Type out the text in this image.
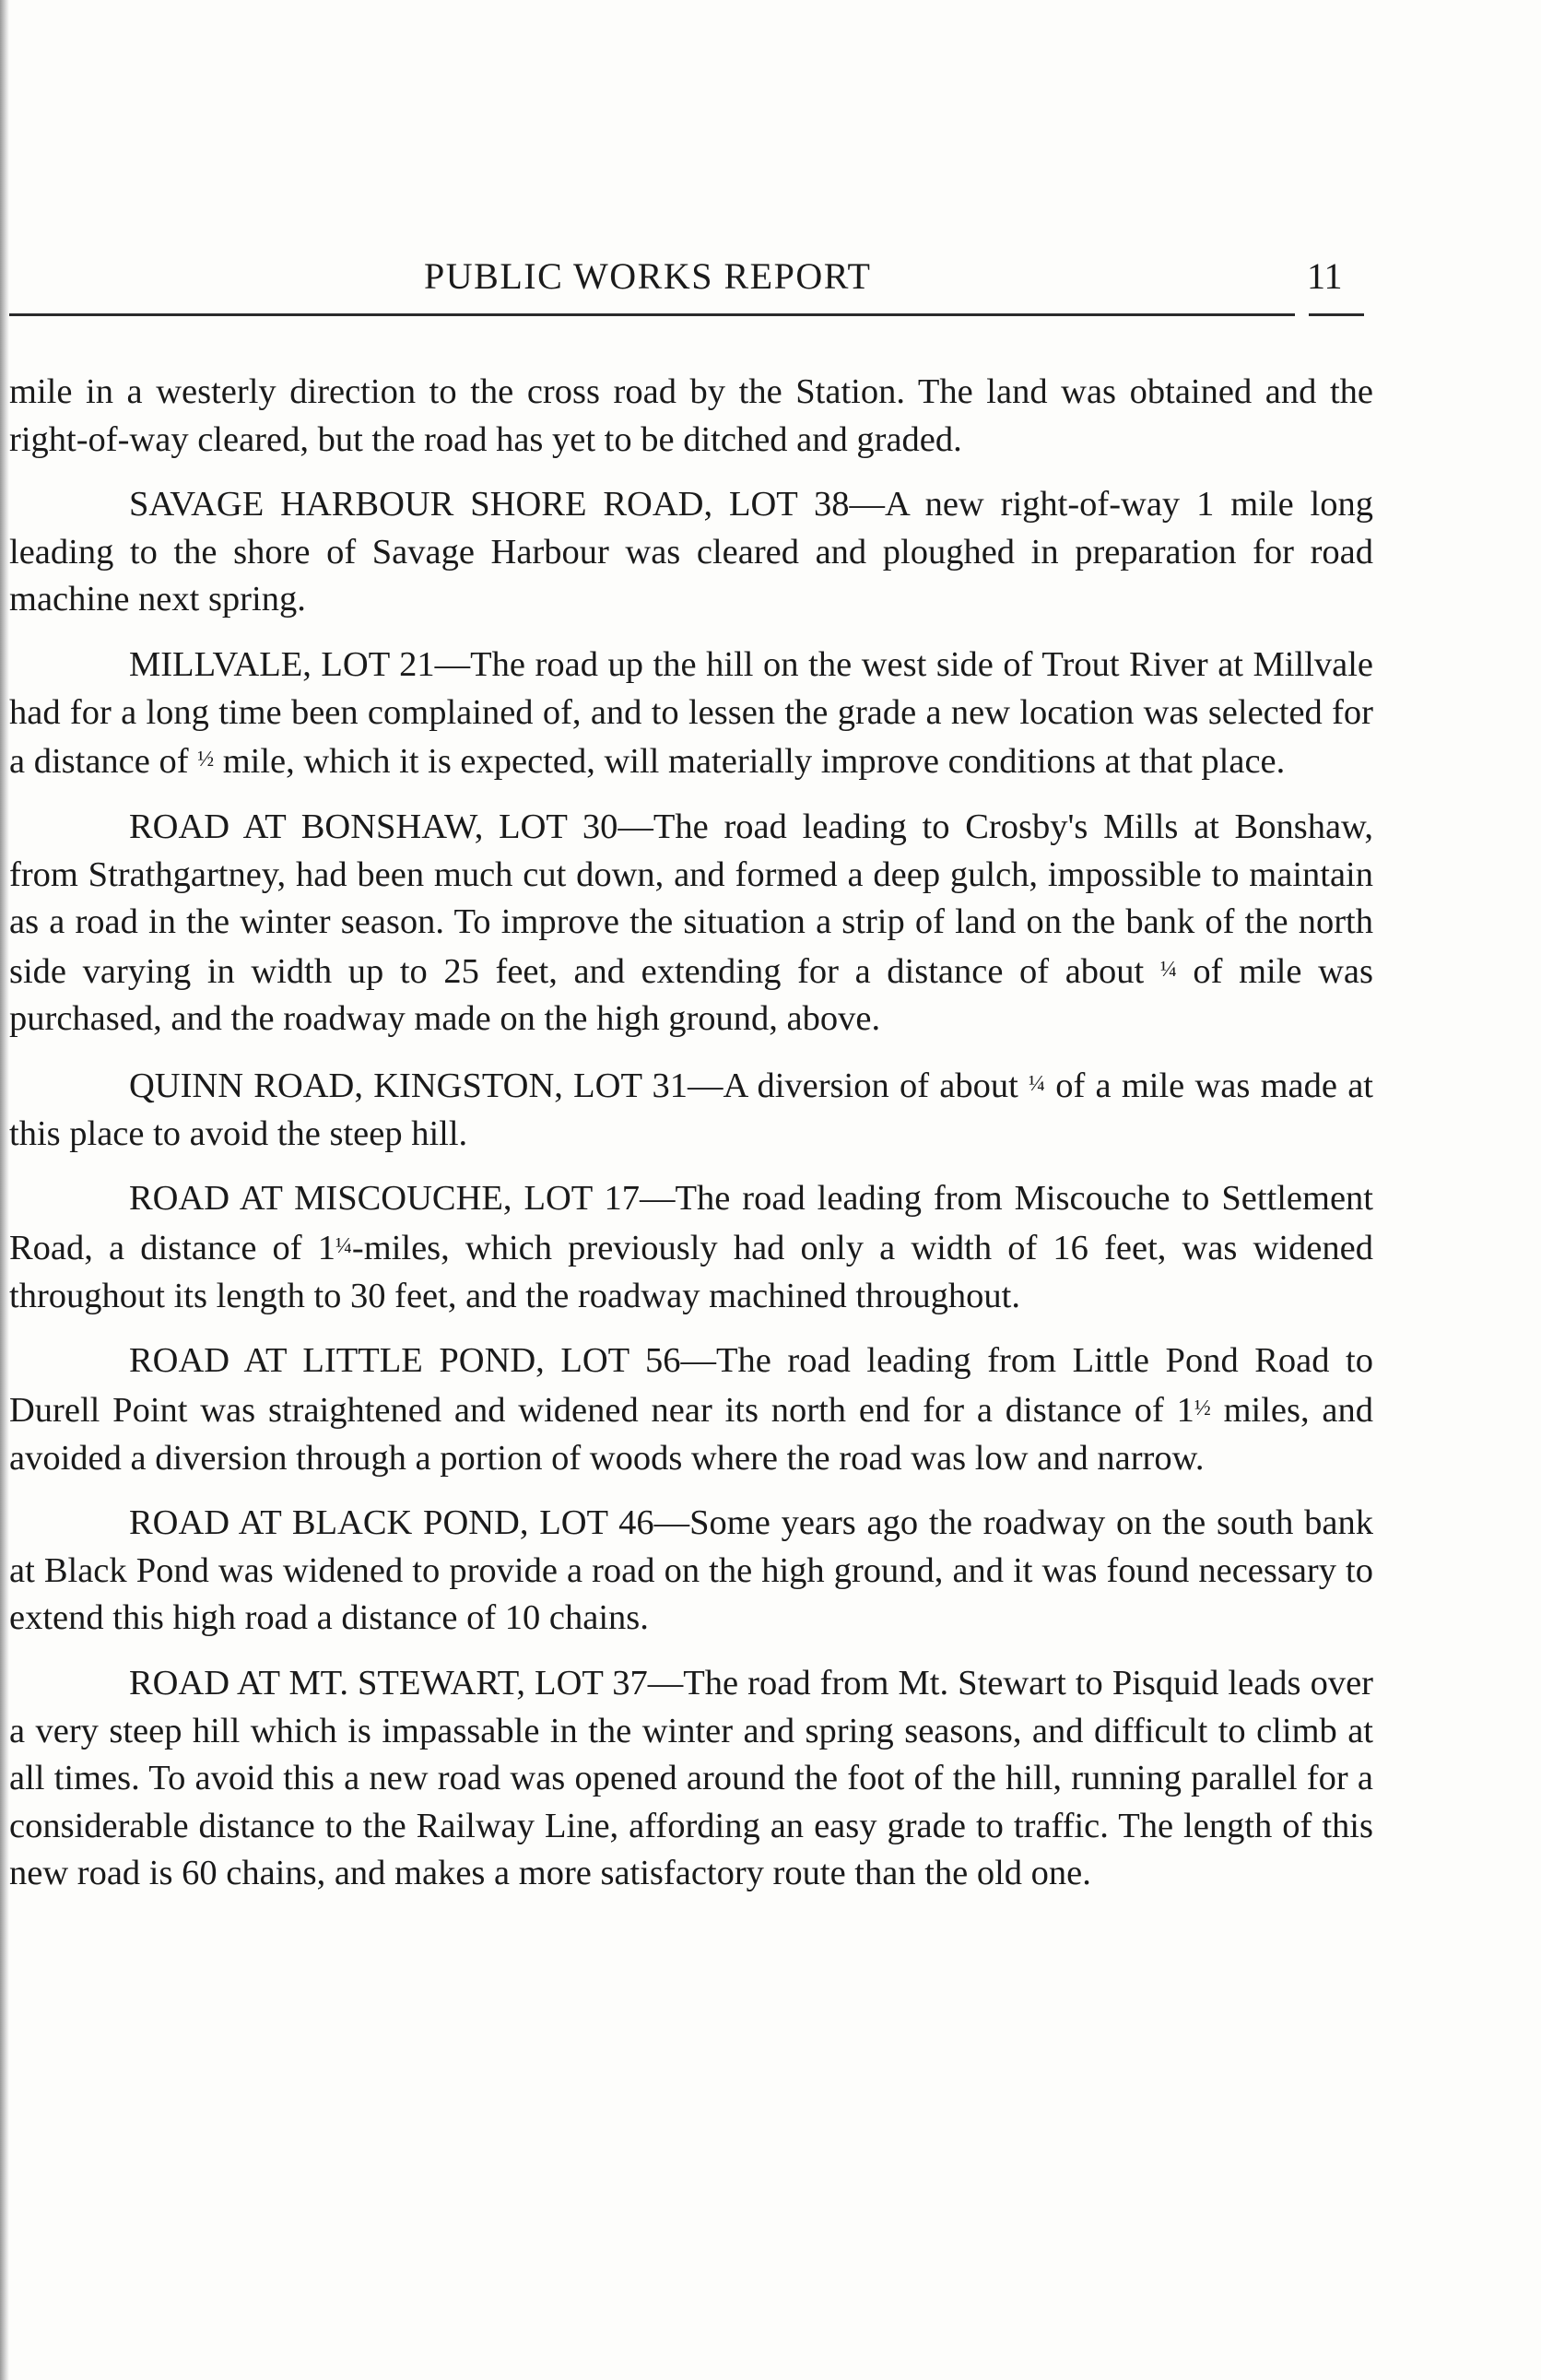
PUBLIC WORKS REPORT	11

mile in a westerly direction to the cross road by the Station. The land was obtained and the right-of-way cleared, but the road has yet to be ditched and graded.

SAVAGE HARBOUR SHORE ROAD, LOT 38—A new right-of-way 1 mile long leading to the shore of Savage Harbour was cleared and ploughed in preparation for road machine next spring.

MILLVALE, LOT 21—The road up the hill on the west side of Trout River at Millvale had for a long time been complained of, and to lessen the grade a new location was selected for a distance of ½ mile, which it is expected, will materially improve conditions at that place.

ROAD AT BONSHAW, LOT 30—The road leading to Crosby's Mills at Bonshaw, from Strathgartney, had been much cut down, and formed a deep gulch, impossible to maintain as a road in the winter season. To improve the situation a strip of land on the bank of the north side varying in width up to 25 feet, and extending for a distance of about ¼ of mile was purchased, and the roadway made on the high ground, above.

QUINN ROAD, KINGSTON, LOT 31—A diversion of about ¼ of a mile was made at this place to avoid the steep hill.

ROAD AT MISCOUCHE, LOT 17—The road leading from Miscouche to Settlement Road, a distance of 1¼-miles, which previously had only a width of 16 feet, was widened throughout its length to 30 feet, and the roadway machined throughout.

ROAD AT LITTLE POND, LOT 56—The road leading from Little Pond Road to Durell Point was straightened and widened near its north end for a distance of 1½ miles, and avoided a diversion through a portion of woods where the road was low and narrow.

ROAD AT BLACK POND, LOT 46—Some years ago the roadway on the south bank at Black Pond was widened to provide a road on the high ground, and it was found necessary to extend this high road a distance of 10 chains.

ROAD AT MT. STEWART, LOT 37—The road from Mt. Stewart to Pisquid leads over a very steep hill which is impassable in the winter and spring seasons, and difficult to climb at all times. To avoid this a new road was opened around the foot of the hill, running parallel for a considerable distance to the Railway Line, affording an easy grade to traffic. The length of this new road is 60 chains, and makes a more satisfactory route than the old one.
